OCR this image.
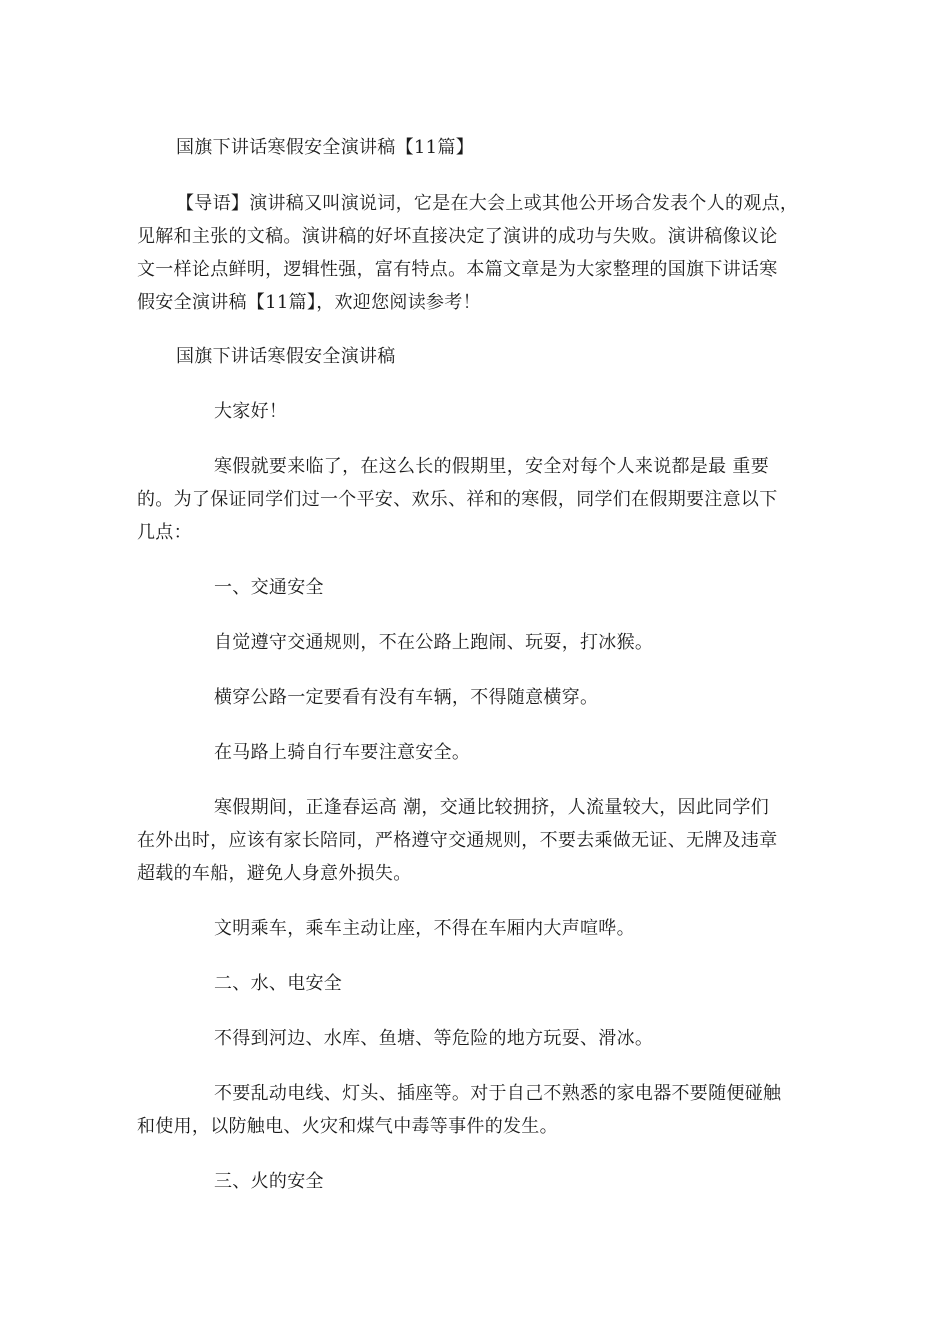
国旗下讲话寒假安全演讲稿【11篇】
【导语】演讲稿又叫演说词，它是在大会上或其他公开场合发表个人的观点，
见解和主张的文稿。演讲稿的好坏直接决定了演讲的成功与失败。演讲稿像议论
文一样论点鲜明，逻辑性强，富有特点。本篇文章是为大家整理的国旗下讲话寒
假安全演讲稿【11篇】，欢迎您阅读参考！
国旗下讲话寒假安全演讲稿
大家好！
寒假就要来临了，在这么长的假期里，安全对每个人来说都是最 重要
的。为了保证同学们过一个平安、欢乐、祥和的寒假，同学们在假期要注意以下
几点：
一、交通安全
自觉遵守交通规则，不在公路上跑闹、玩耍，打冰猴。
横穿公路一定要看有没有车辆，不得随意横穿。
在马路上骑自行车要注意安全。
寒假期间，正逢春运高 潮，交通比较拥挤，人流量较大，因此同学们
在外出时，应该有家长陪同，严格遵守交通规则，不要去乘做无证、无牌及违章
超载的车船，避免人身意外损失。
文明乘车，乘车主动让座，不得在车厢内大声喧哗。
二、水、电安全
不得到河边、水库、鱼塘、等危险的地方玩耍、滑冰。
不要乱动电线、灯头、插座等。对于自己不熟悉的家电器不要随便碰触
和使用，以防触电、火灾和煤气中毒等事件的发生。
三、火的安全
